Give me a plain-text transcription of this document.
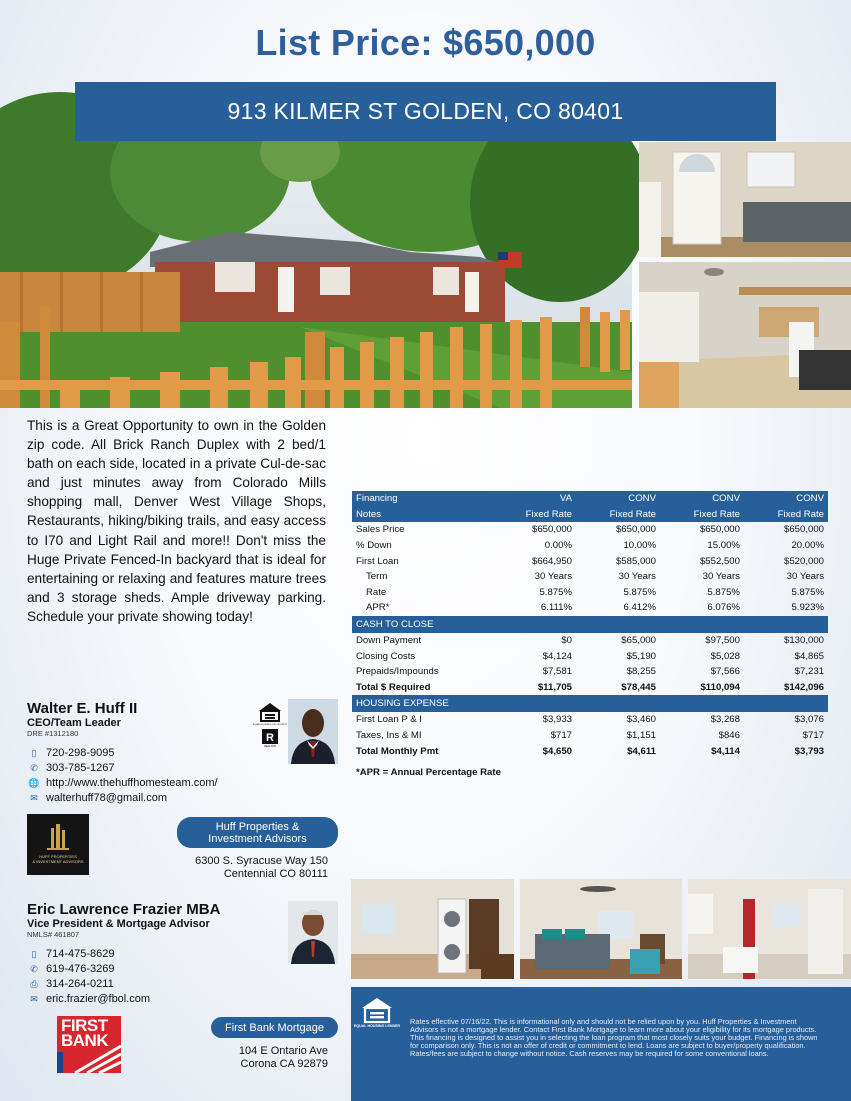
List Price: $650,000
913 KILMER ST GOLDEN, CO 80401
This is a Great Opportunity to own in the Golden zip code. All Brick Ranch Duplex with 2 bed/1 bath on each side, located in a private Cul-de-sac and just minutes away from Colorado Mills shopping mall, Denver West Village Shops, Restaurants, hiking/biking trails, and easy access to I70 and Light Rail and more!! Don't miss the Huge Private Fenced-In backyard that is ideal for entertaining or relaxing and features mature trees and 3 storage sheds. Ample driveway parking. Schedule your private showing today!
Financing	VA	CONV	CONV	CONV
Notes	Fixed Rate	Fixed Rate	Fixed Rate	Fixed Rate
Sales Price	$650,000	$650,000	$650,000	$650,000
% Down	0.00%	10.00%	15.00%	20.00%
First Loan	$664,950	$585,000	$552,500	$520,000
Term	30 Years	30 Years	30 Years	30 Years
Rate	5.875%	5.875%	5.875%	5.875%
APR*	6.111%	6.412%	6.076%	5.923%
CASH TO CLOSE				
Down Payment	$0	$65,000	$97,500	$130,000
Closing Costs	$4,124	$5,190	$5,028	$4,865
Prepaids/Impounds	$7,581	$8,255	$7,566	$7,231
Total $ Required	$11,705	$78,445	$110,094	$142,096
HOUSING EXPENSE				
First Loan P & I	$3,933	$3,460	$3,268	$3,076
Taxes, Ins & MI	$717	$1,151	$846	$717
Total Monthly Pmt	$4,650	$4,611	$4,114	$3,793
*APR = Annual Percentage Rate
Walter E. Huff II
CEO/Team Leader
DRE #1312180
▯ 720-298-9095
✆ 303-785-1267
🌐 http://www.thehuffhomesteam.com/
✉ walterhuff78@gmail.com
EQUAL HOUSING OPPORTUNITY
R
REALTOR
HUFF PROPERTIES
& INVESTMENT ADVISORS
Huff Properties &
Investment Advisors
6300 S. Syracuse Way 150
Centennial CO 80111
Eric Lawrence Frazier MBA
Vice President & Mortgage Advisor
NMLS# 461807
▯ 714-475-8629
✆ 619-476-3269
⎙ 314-264-0211
✉ eric.frazier@fbol.com
FIRST
BANK
First Bank Mortgage
104 E Ontario Ave
Corona CA 92879
EQUAL HOUSING LENDER Rates effective 07/16/22. This is informational only and should not be relied upon by you. Huff Properties & Investment Advisors is not a mortgage lender. Contact First Bank Mortgage to learn more about your eligibility for its mortgage products. This financing is designed to assist you in selecting the loan program that most closely suits your budget. Financing is shown for comparison only. This is not an offer of credit or commitment to lend. Loans are subject to buyer/property qualification. Rates/fees are subject to change without notice. Cash reserves may be required for some conventional loans.
